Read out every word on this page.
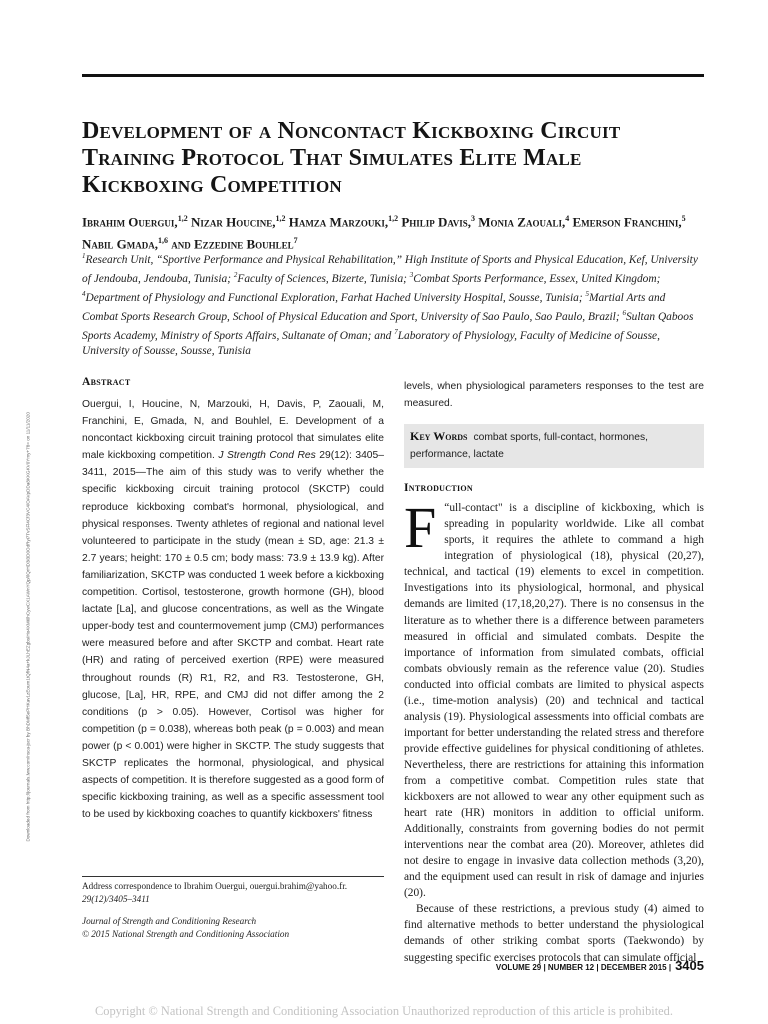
Downloaded from http://journals.lww.com/nsca-jscr by BhDMf5ePHKav1zEoum1tQfN4a+kJLhEZgbsIHo4XMi0hCywCX1AWnYQp/IlQrHD3i3D0OdRyi7TvSFl4Cf3VC4/OAVpDDa8KKGKV0Ymy+78= on 11/11/2020
Development of a Noncontact Kickboxing Circuit Training Protocol That Simulates Elite Male Kickboxing Competition
Ibrahim Ouergui,$^{1,2}$ Nizar Houcine,$^{1,2}$ Hamza Marzouki,$^{1,2}$ Philip Davis,$^3$ Monia Zaouali,$^4$ Emerson Franchini,$^5$ Nabil Gmada,$^{1,6}$ and Ezzedine Bouhlel$^7$
$^1$Research Unit, “Sportive Performance and Physical Rehabilitation,” High Institute of Sports and Physical Education, Kef, University of Jendouba, Jendouba, Tunisia; $^2$Faculty of Sciences, Bizerte, Tunisia; $^3$Combat Sports Performance, Essex, United Kingdom; $^4$Department of Physiology and Functional Exploration, Farhat Hached University Hospital, Sousse, Tunisia; $^5$Martial Arts and Combat Sports Research Group, School of Physical Education and Sport, University of Sao Paulo, Sao Paulo, Brazil; $^6$Sultan Qaboos Sports Academy, Ministry of Sports Affairs, Sultanate of Oman; and $^7$Laboratory of Physiology, Faculty of Medicine of Sousse, University of Sousse, Sousse, Tunisia
Abstract

Ouergui, I, Houcine, N, Marzouki, H, Davis, P, Zaouali, M, Franchini, E, Gmada, N, and Bouhlel, E. Development of a noncontact kickboxing circuit training protocol that simulates elite male kickboxing competition. J Strength Cond Res 29(12): 3405–3411, 2015—The aim of this study was to verify whether the specific kickboxing circuit training protocol (SKCTP) could reproduce kickboxing combat's hormonal, physiological, and physical responses. Twenty athletes of regional and national level volunteered to participate in the study (mean ± SD, age: 21.3 ± 2.7 years; height: 170 ± 0.5 cm; body mass: 73.9 ± 13.9 kg). After familiarization, SKCTP was conducted 1 week before a kickboxing competition. Cortisol, testosterone, growth hormone (GH), blood lactate [La], and glucose concentrations, as well as the Wingate upper-body test and countermovement jump (CMJ) performances were measured before and after SKCTP and combat. Heart rate (HR) and rating of perceived exertion (RPE) were measured throughout rounds (R) R1, R2, and R3. Testosterone, GH, glucose, [La], HR, RPE, and CMJ did not differ among the 2 conditions (p > 0.05). However, Cortisol was higher for competition (p = 0.038), whereas both peak (p = 0.003) and mean power (p < 0.001) were higher in SKCTP. The study suggests that SKCTP replicates the hormonal, physiological, and physical aspects of competition. It is therefore suggested as a good form of specific kickboxing training, as well as a specific assessment tool to be used by kickboxing coaches to quantify kickboxers' fitness

levels, when physiological parameters responses to the test are measured.

Key Words combat sports, full-contact, hormones, performance, lactate
Introduction

“
F ull-contact" is a discipline of kickboxing, which is spreading in popularity worldwide. Like all combat sports, it requires the athlete to command a high integration of physiological (18), physical (20,27), technical, and tactical (19) elements to excel in competition. Investigations into its physiological, hormonal, and physical demands are limited (17,18,20,27). There is no consensus in the literature as to whether there is a difference between parameters measured in official and simulated combats. Despite the importance of information from simulated combats, official combats obviously remain as the reference value (20). Studies conducted into official combats are limited to physical aspects (i.e., time-motion analysis) (20) and technical and tactical analysis (19). Physiological assessments into official combats are important for better understanding the related stress and therefore provide effective guidelines for physical conditioning of athletes. Nevertheless, there are restrictions for attaining this information from a competitive combat. Competition rules state that kickboxers are not allowed to wear any other equipment such as heart rate (HR) monitors in addition to official uniform. Additionally, constraints from governing bodies do not permit interventions near the combat area (20). Moreover, athletes did not desire to engage in invasive data collection methods (3,20), and the equipment used can result in risk of damage and injuries (20).

Because of these restrictions, a previous study (4) aimed to find alternative methods to better understand the physiological demands of other striking combat sports (Taekwondo) by suggesting specific exercises protocols that can simulate official

Address correspondence to Ibrahim Ouergui, ouergui.brahim@yahoo.fr.

29(12)/3405–3411

Journal of Strength and Conditioning Research

© 2015 National Strength and Conditioning Association

VOLUME 29 | NUMBER 12 | DECEMBER 2015 | 3405
Copyright © National Strength and Conditioning Association Unauthorized reproduction of this article is prohibited.
